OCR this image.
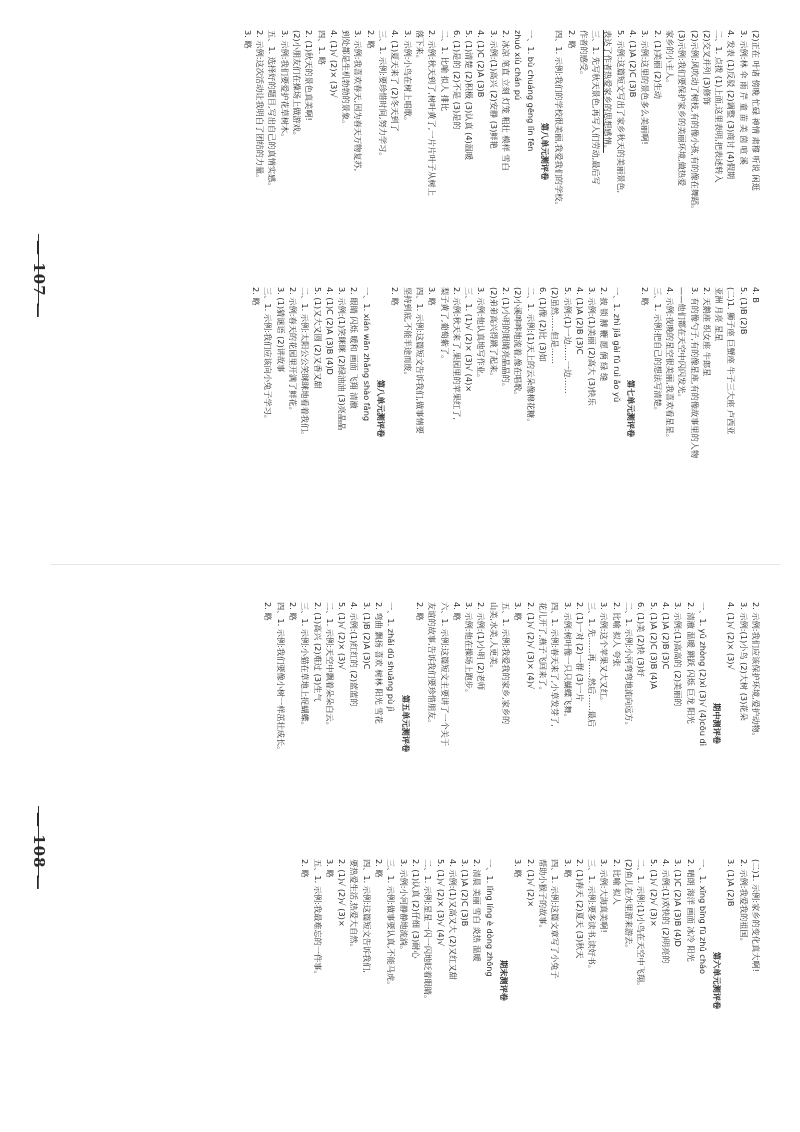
(2)正在 叶诸 傍晚 忙碌 神情 肃穆 听说 闲逛
3. 示例:林 伞 雨 芹 童 苗 美 茵 喧 溪
4. 发表 (1)反驳 (2)调整 (3)商讨 (4)假期
二、1. 点拨 (1)上面,这里表明,把表述转入
(2)交叉并列 (3)修饰
(2)示例:风吹动了树枝,有的像小孩,有的像在舞蹈。
(3)示例:我们要保护家乡的美丽环境,做热爱
家乡的小主人。
2. (1)美丽 (2)生动
3. 示例:这里的景色多么美丽啊!
4. (1)A (2)C (3)B
5. 示例:这篇短文写出了家乡秋天的美丽景色,
表达了作者热爱家乡的思想感情。
三、1. 先写秋天景色,再写人们劳动,最后写
作者的感受。
2. 略
四、1. 示例:我们的学校很美丽,我爱我们的学校。
第八单元测评卷
一、1. bù chuáng gēng lǐn fēn
zhuó xiù chán pú
2. 冰凉 笔直 立刻 灯笼 粗壮 模样 雪白
3. 示例:(1)高兴 (2)安静 (3)鲜艳
4. (1)C (2)A (3)B
5. (1)清楚 (2)积极 (3)认真 (4)温暖
6. (1)是的 (2)不是 (3)是的
二、1. 比喻 拟人 排比
2. 示例:秋天到了,树叶黄了,一片片叶子从树上
落下来。
3. 示例:小鸟在树上唱歌。
4. (1)夏天来了 (2)冬天到了
三、1. 示例:要珍惜时间,努力学习。
2. 略
3. 示例:我喜欢春天,因为春天万物复苏,
到处都是生机勃勃的景象。
4. (1)√ (2)× (3)√
四、1. 略
2. (1)秋天的景色真美啊!
(2)小朋友们在操场上做游戏。
3. 示例:我们要爱护花草树木。
五、1. 选择好的题目,写出自己的真情实感。
2. 示例:这次活动让我明白了团结的力量。
3. 略
4. B
5. (1)B (2)B
(二)1. 狮子座 巨蟹座 牛子三大座 卢西亚
亚洲 月亮 星星
2. 天鹅座 织女座 牛郎星
3. 有的像勺子,有的像星座,有的像故事里的人物
——他们都在天空中闪闪发光。
4. 示例:夜晚的星空很美丽,我喜欢看星星。
三、1. 示例:把自己的想法写清楚。
2. 略
第七单元测评卷
一、1. zhì jiǎ gài fǔ ruì ǎo yǔ
2. 披 锁 膊 鞭 愿 俩 绿 缝
3. 示例:(1)美丽 (2)高大 (3)快乐
4. (1)A (2)B (3)C
5. 示例:(1)一边……一边……
(2)虽然……但是……
6. (1)像 (2)比 (3)如
二、1. 示例:(1)天上的云朵像棉花糖。
(2)小溪哗哗地流着,像在唱歌。
2. (1)小明的眼睛亮晶晶的。
(2)弟弟高兴得跳了起来。
3. 示例:他认真地写作业。
三、1. (1)√ (2)× (3)√ (4)×
2. 示例:秋天来了,果园里的苹果红了,
梨子黄了,葡萄紫了。
3. 略
四、1. 示例:这篇短文告诉我们,做事情要
坚持到底,不能半途而废。
2. 略
第八单元测评卷
一、1. xián wān zhǎng shào fǎng
2. 眼睛 闪烁 暖和 画面 飞翔 清澈
3. 示例:(1)笑眯眯 (2)绿油油 (3)亮晶晶
4. (1)C (2)A (3)B (4)D
5. (1)又大又圆 (2)又香又甜
二、1. 示例:太阳公公笑眯眯地看着我们。
2. 示例:春天的花园里开满了鲜花。
3. (1)猜谜语 (2)讲故事
三、1. 示例:我们应该向小兔子学习。
2. 略
2. 示例:我们应该保护环境,爱护动物。
3. 示例:(1)小鸟 (2)大树 (3)花朵
4. (1)√ (2)× (3)√
期中测评卷
一、1. yǔ zhòng (2)xì (3)√ (4)cōu dì
2. 清澈 温暖 跳跃 闪烁 巨龙 阳光
3. 示例:(1)高高的 (2)美丽的
4. (1)A (2)B (3)C
5. (1)A (2)C (3)B (4)A
6. (1)美 (2)快 (3)好
二、1. 示例:小河弯弯地流向远方。
2. 比喻 拟人 夸张
3. 示例:这个苹果又大又红。
三、1. 先……再……然后……最后
2. (1)一对 (2)一群 (3)一片
3. 示例:树叶像一只只蝴蝶飞舞。
四、1. 示例:春天来了,小草发芽了,
花儿开了,燕子飞回来了。
2. (1)√ (2)√ (3)× (4)√
3. 略
五、1. 示例:我爱我的家乡,家乡的
山美,水美,人更美。
2. 示例:(1)小明 (2)老师
3. 示例:他在操场上跑步。
4. 略
六、1. 示例:这篇短文主要讲了一个关于
友谊的故事,告诉我们要珍惜朋友。
2. 略
第五单元测评卷
一、1. zhǎi dū shuāng pù jì
2. 弯曲 飘扬 喜欢 树林 阳光 雪花
3. (1)B (2)A (3)C
4. 示例:(1)红红的 (2)蓝蓝的
5. (1)√ (2)× (3)√
二、1. 示例:天空中飘着朵朵白云。
2. (1)高兴 (2)难过 (3)生气
三、1. 示例:小猫在草地上捉蝴蝶。
2. 略
四、1. 示例:我们要像小树一样茁壮成长。
2. 略
(二)1. 示例:家乡的变化真大啊!
2. 示例:我爱我的祖国。
3. (1)A (2)B
第六单元测评卷
一、1. xīng bīng fū zhǔ cháo
2. 晴朗 海洋 画面 冰冷 阳光
3. (1)C (2)A (3)B (4)D
4. 示例:(1)欢快的 (2)明亮的
5. (1)√ (2)√ (3)×
二、1. 示例:(1)小鸟在天空中飞翔。
(2)鱼儿在水里游来游去。
2. 比喻 拟人
3. 示例:大海真美啊!
三、1. 示例:要多读书,读好书。
2. (1)春天 (2)夏天 (3)秋天
3. 略
四、1. 示例:这篇文章写了小兔子
帮助小猴子的故事。
2. (1)√ (2)×
3. 略
期末测评卷
一、1. lǐng líng è dòng zhōng
2. 清晨 美丽 雪白 炎热 温暖
3. (1)A (2)C (3)B
4. 示例:(1)又高又大 (2)又红又甜
5. (1)√ (2)× (3)√ (4)√
二、1. 示例:星星一闪一闪地眨着眼睛。
2. (1)认真 (2)仔细 (3)耐心
3. 示例:小河静静地流淌。
三、1. 示例:做事要认真,不能马虎。
2. 略
四、1. 示例:这篇短文告诉我们,
要热爱生活,热爱大自然。
2. (1)√ (2)√ (3)×
3. 略
五、1. 示例:我最难忘的一件事。
2. 略
— 107 —
— 108 —
